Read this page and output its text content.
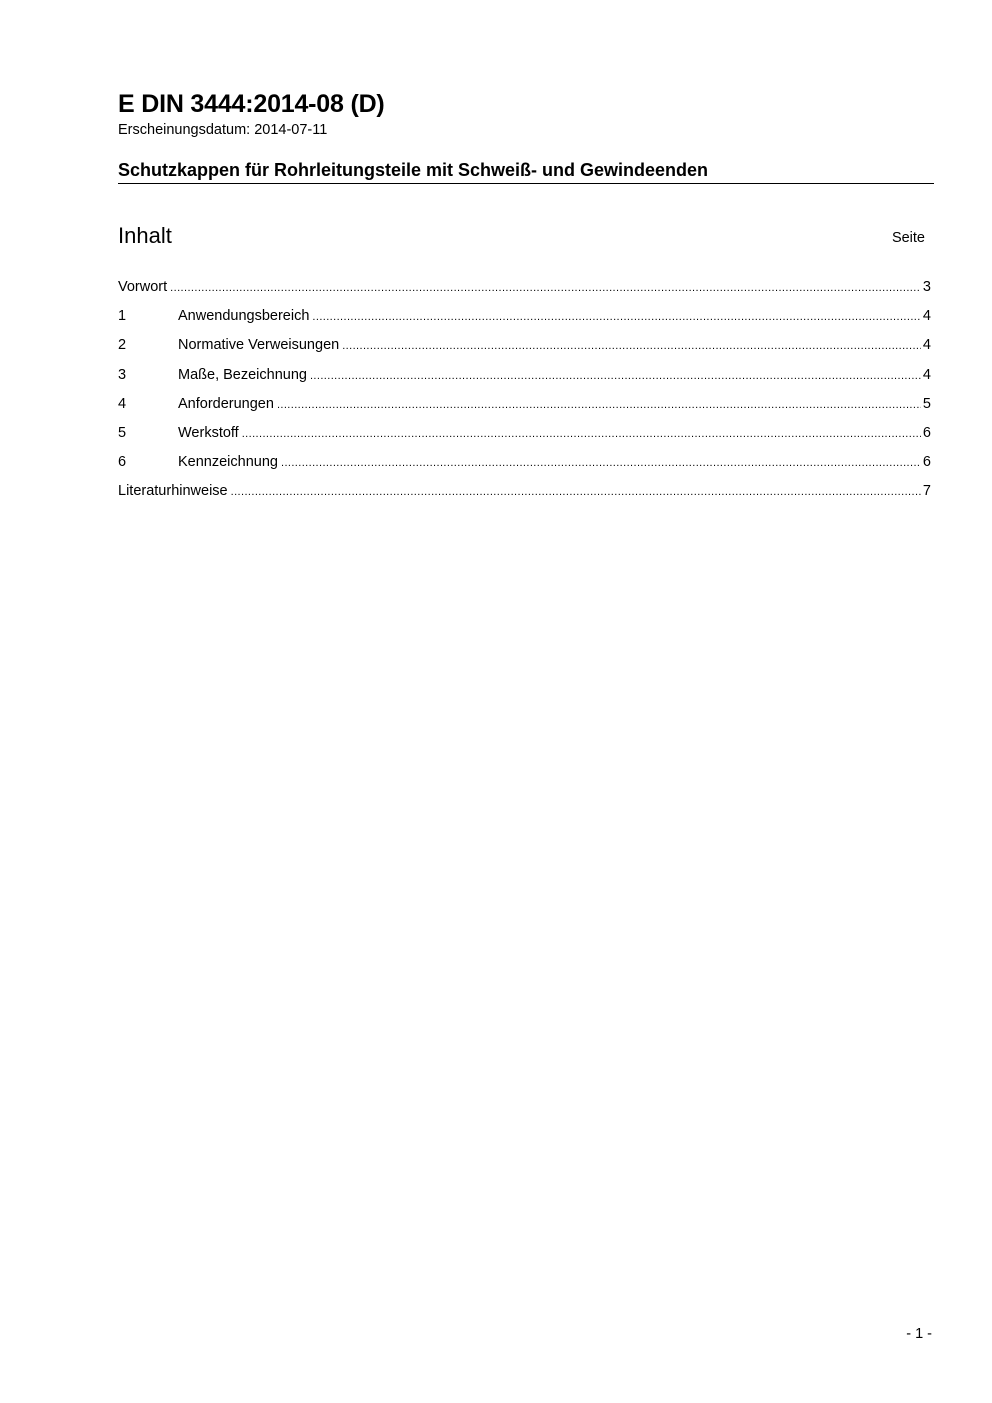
E DIN 3444:2014-08 (D)
Erscheinungsdatum: 2014-07-11
Schutzkappen für Rohrleitungsteile mit Schweiß- und Gewindeenden
Inhalt	Seite
Vorwort .....	3
1	Anwendungsbereich .....	4
2	Normative Verweisungen .....	4
3	Maße, Bezeichnung .....	4
4	Anforderungen .....	5
5	Werkstoff .....	6
6	Kennzeichnung .....	6
Literaturhinweise .....	7
- 1 -
